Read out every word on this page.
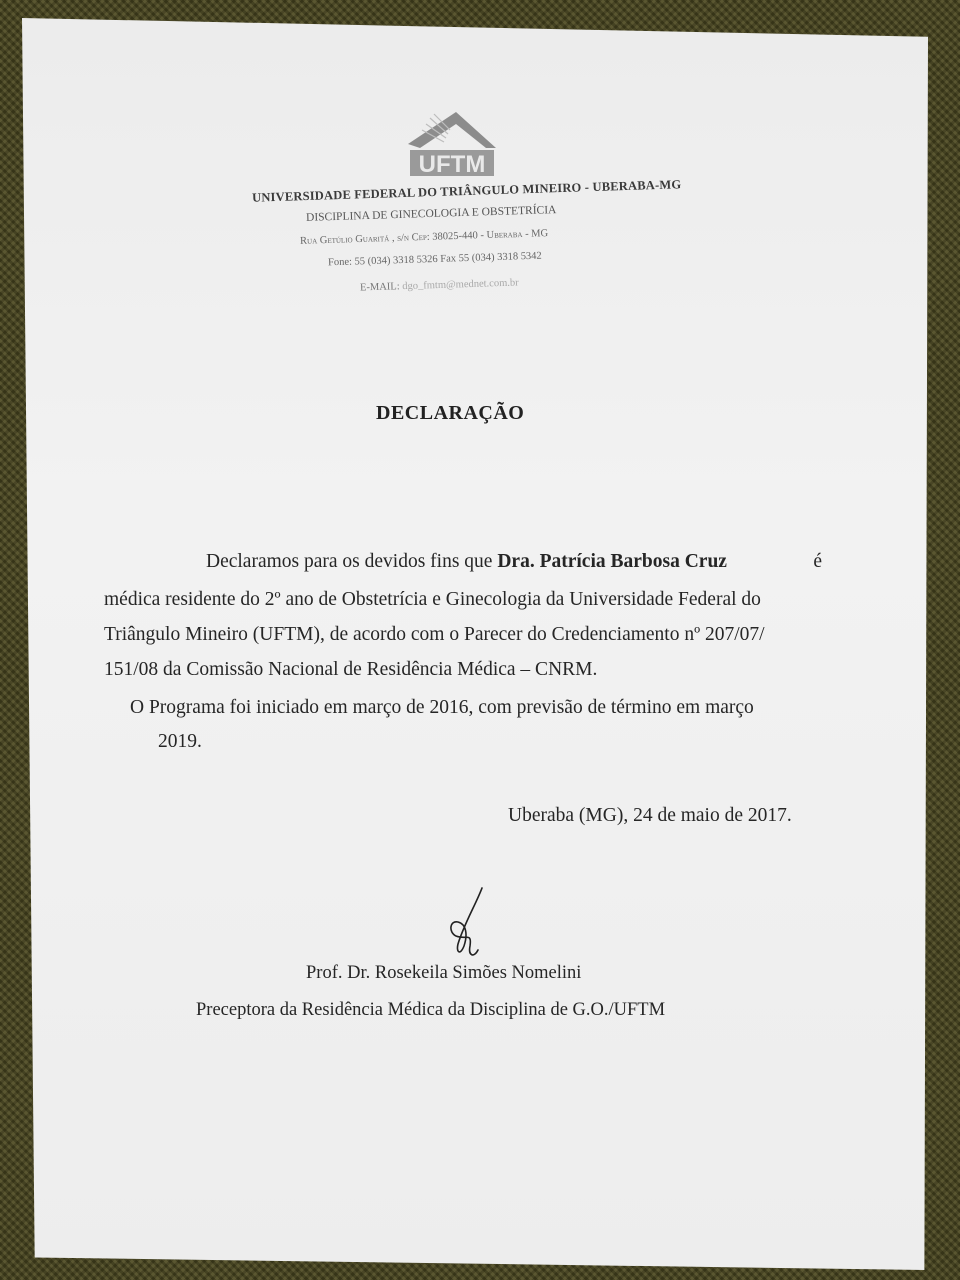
UFTM
UNIVERSIDADE FEDERAL DO TRIÂNGULO MINEIRO - UBERABA-MG
DISCIPLINA DE GINECOLOGIA E OBSTETRÍCIA
Rua Getúlio Guaritá , s/n Cep: 38025-440 - Uberaba - MG
Fone: 55 (034) 3318 5326 Fax 55 (034) 3318 5342
E-MAIL: dgo_fmtm@mednet.com.br
DECLARAÇÃO
Declaramos para os devidos fins que Dra. Patrícia Barbosa Cruz	é
médica residente do 2º ano de Obstetrícia e Ginecologia da Universidade Federal do
Triângulo Mineiro (UFTM), de acordo com o Parecer do Credenciamento nº 207/07/
151/08 da Comissão Nacional de Residência Médica – CNRM.
O Programa foi iniciado em março de 2016, com previsão de término em março
2019.
Uberaba (MG), 24 de maio de 2017.
Prof. Dr. Rosekeila Simões Nomelini
Preceptora da Residência Médica da Disciplina de G.O./UFTM
